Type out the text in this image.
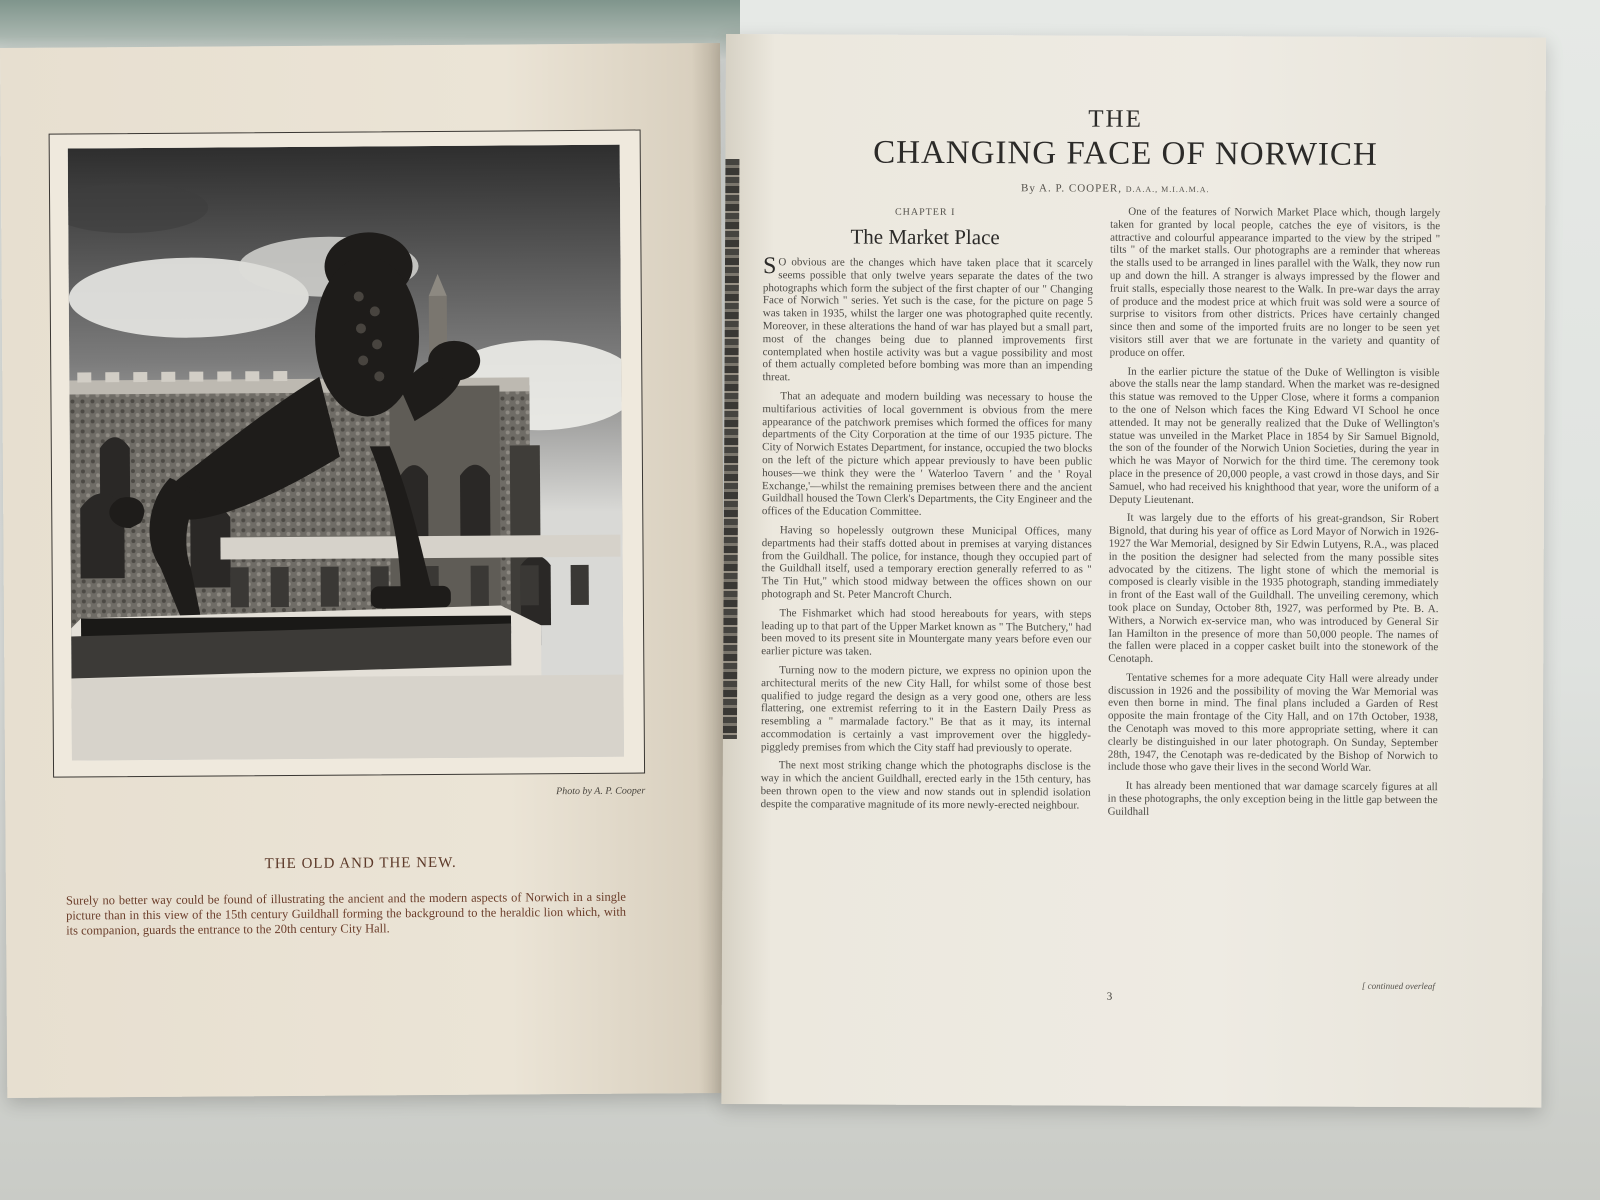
Photo by A. P. Cooper
THE OLD AND THE NEW.
Surely no better way could be found of illustrating the ancient and the modern aspects of Norwich in a single picture than in this view of the 15th century Guildhall forming the background to the heraldic lion which, with its companion, guards the entrance to the 20th century City Hall.
THE
CHANGING FACE OF NORWICH
By A. P. COOPER, D.A.A., M.I.A.M.A.
CHAPTER I
The Market Place

S O obvious are the changes which have taken place that it scarcely seems possible that only twelve years separate the dates of the two photographs which form the subject of the first chapter of our " Changing Face of Norwich " series. Yet such is the case, for the picture on page 5 was taken in 1935, whilst the larger one was photographed quite recently. Moreover, in these alterations the hand of war has played but a small part, most of the changes being due to planned improvements first contemplated when hostile activity was but a vague possibility and most of them actually completed before bombing was more than an impending threat.

That an adequate and modern building was necessary to house the multifarious activities of local government is obvious from the mere appearance of the patchwork premises which formed the offices for many departments of the City Corporation at the time of our 1935 picture. The City of Norwich Estates Department, for instance, occupied the two blocks on the left of the picture which appear previously to have been public houses—we think they were the ' Waterloo Tavern ' and the ' Royal Exchange,'—whilst the remaining premises between there and the ancient Guildhall housed the Town Clerk's Departments, the City Engineer and the offices of the Education Committee.

Having so hopelessly outgrown these Municipal Offices, many departments had their staffs dotted about in premises at varying distances from the Guildhall. The police, for instance, though they occupied part of the Guildhall itself, used a temporary erection generally referred to as " The Tin Hut," which stood midway between the offices shown on our photograph and St. Peter Mancroft Church.

The Fishmarket which had stood hereabouts for years, with steps leading up to that part of the Upper Market known as " The Butchery," had been moved to its present site in Mountergate many years before even our earlier picture was taken.

Turning now to the modern picture, we express no opinion upon the architectural merits of the new City Hall, for whilst some of those best qualified to judge regard the design as a very good one, others are less flattering, one extremist referring to it in the Eastern Daily Press as resembling a " marmalade factory." Be that as it may, its internal accommodation is certainly a vast improvement over the higgledy-piggledy premises from which the City staff had previously to operate.

The next most striking change which the photographs disclose is the way in which the ancient Guildhall, erected early in the 15th century, has been thrown open to the view and now stands out in splendid isolation despite the comparative magnitude of its more newly-erected neighbour.

One of the features of Norwich Market Place which, though largely taken for granted by local people, catches the eye of visitors, is the attractive and colourful appearance imparted to the view by the striped " tilts " of the market stalls. Our photographs are a reminder that whereas the stalls used to be arranged in lines parallel with the Walk, they now run up and down the hill. A stranger is always impressed by the flower and fruit stalls, especially those nearest to the Walk. In pre-war days the array of produce and the modest price at which fruit was sold were a source of surprise to visitors from other districts. Prices have certainly changed since then and some of the imported fruits are no longer to be seen yet visitors still aver that we are fortunate in the variety and quantity of produce on offer.

In the earlier picture the statue of the Duke of Wellington is visible above the stalls near the lamp standard. When the market was re-designed this statue was removed to the Upper Close, where it forms a companion to the one of Nelson which faces the King Edward VI School he once attended. It may not be generally realized that the Duke of Wellington's statue was unveiled in the Market Place in 1854 by Sir Samuel Bignold, the son of the founder of the Norwich Union Societies, during the year in which he was Mayor of Norwich for the third time. The ceremony took place in the presence of 20,000 people, a vast crowd in those days, and Sir Samuel, who had received his knighthood that year, wore the uniform of a Deputy Lieutenant.

It was largely due to the efforts of his great-grandson, Sir Robert Bignold, that during his year of office as Lord Mayor of Norwich in 1926-1927 the War Memorial, designed by Sir Edwin Lutyens, R.A., was placed in the position the designer had selected from the many possible sites advocated by the citizens. The light stone of which the memorial is composed is clearly visible in the 1935 photograph, standing immediately in front of the East wall of the Guildhall. The unveiling ceremony, which took place on Sunday, October 8th, 1927, was performed by Pte. B. A. Withers, a Norwich ex-service man, who was introduced by General Sir Ian Hamilton in the presence of more than 50,000 people. The names of the fallen were placed in a copper casket built into the stonework of the Cenotaph.

Tentative schemes for a more adequate City Hall were already under discussion in 1926 and the possibility of moving the War Memorial was even then borne in mind. The final plans included a Garden of Rest opposite the main frontage of the City Hall, and on 17th October, 1938, the Cenotaph was moved to this more appropriate setting, where it can clearly be distinguished in our later photograph. On Sunday, September 28th, 1947, the Cenotaph was re-dedicated by the Bishop of Norwich to include those who gave their lives in the second World War.

It has already been mentioned that war damage scarcely figures at all in these photographs, the only exception being in the little gap between the Guildhall

3
[ continued overleaf
